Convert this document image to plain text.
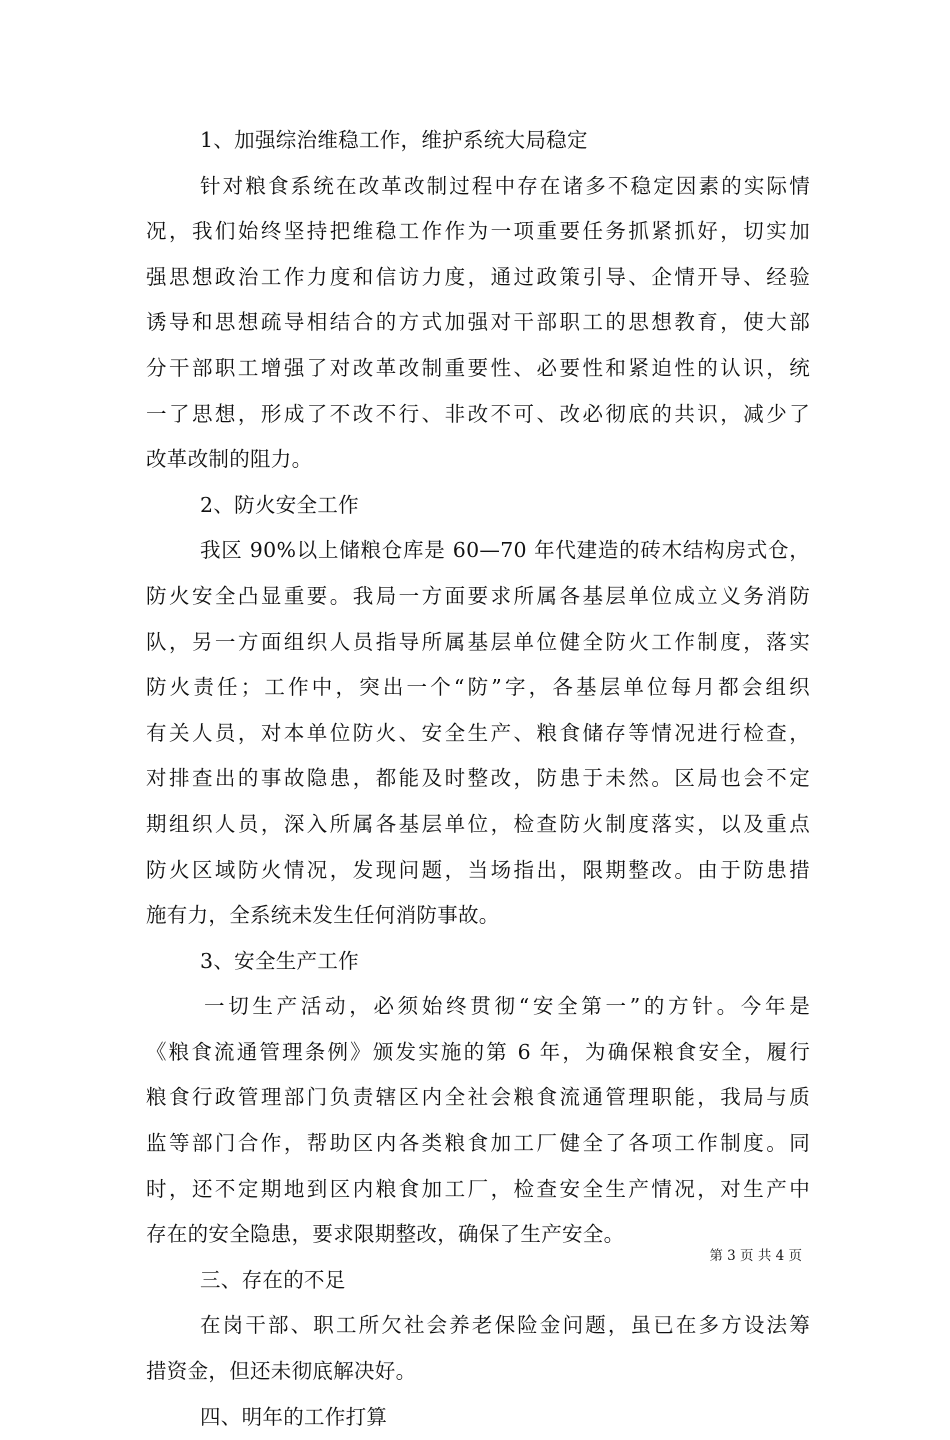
1、加强综治维稳工作，维护系统大局稳定
针对粮食系统在改革改制过程中存在诸多不稳定因素的实际情
况，我们始终坚持把维稳工作作为一项重要任务抓紧抓好，切实加
强思想政治工作力度和信访力度，通过政策引导、企情开导、经验
诱导和思想疏导相结合的方式加强对干部职工的思想教育，使大部
分干部职工增强了对改革改制重要性、必要性和紧迫性的认识，统
一了思想，形成了不改不行、非改不可、改必彻底的共识，减少了
改革改制的阻力。
2、防火安全工作
我区 90%以上储粮仓库是 60—70 年代建造的砖木结构房式仓，
防火安全凸显重要。我局一方面要求所属各基层单位成立义务消防
队，另一方面组织人员指导所属基层单位健全防火工作制度，落实
防火责任；工作中，突出一个“防”字，各基层单位每月都会组织
有关人员，对本单位防火、安全生产、粮食储存等情况进行检查，
对排查出的事故隐患，都能及时整改，防患于未然。区局也会不定
期组织人员，深入所属各基层单位，检查防火制度落实，以及重点
防火区域防火情况，发现问题，当场指出，限期整改。由于防患措
施有力，全系统未发生任何消防事故。
3、安全生产工作
一切生产活动，必须始终贯彻“安全第一”的方针。今年是
《粮食流通管理条例》颁发实施的第 6 年，为确保粮食安全，履行
粮食行政管理部门负责辖区内全社会粮食流通管理职能，我局与质
监等部门合作，帮助区内各类粮食加工厂健全了各项工作制度。同
时，还不定期地到区内粮食加工厂，检查安全生产情况，对生产中
存在的安全隐患，要求限期整改，确保了生产安全。
三、存在的不足
在岗干部、职工所欠社会养老保险金问题，虽已在多方设法筹
措资金，但还未彻底解决好。
四、明年的工作打算
第 3 页 共 4 页
